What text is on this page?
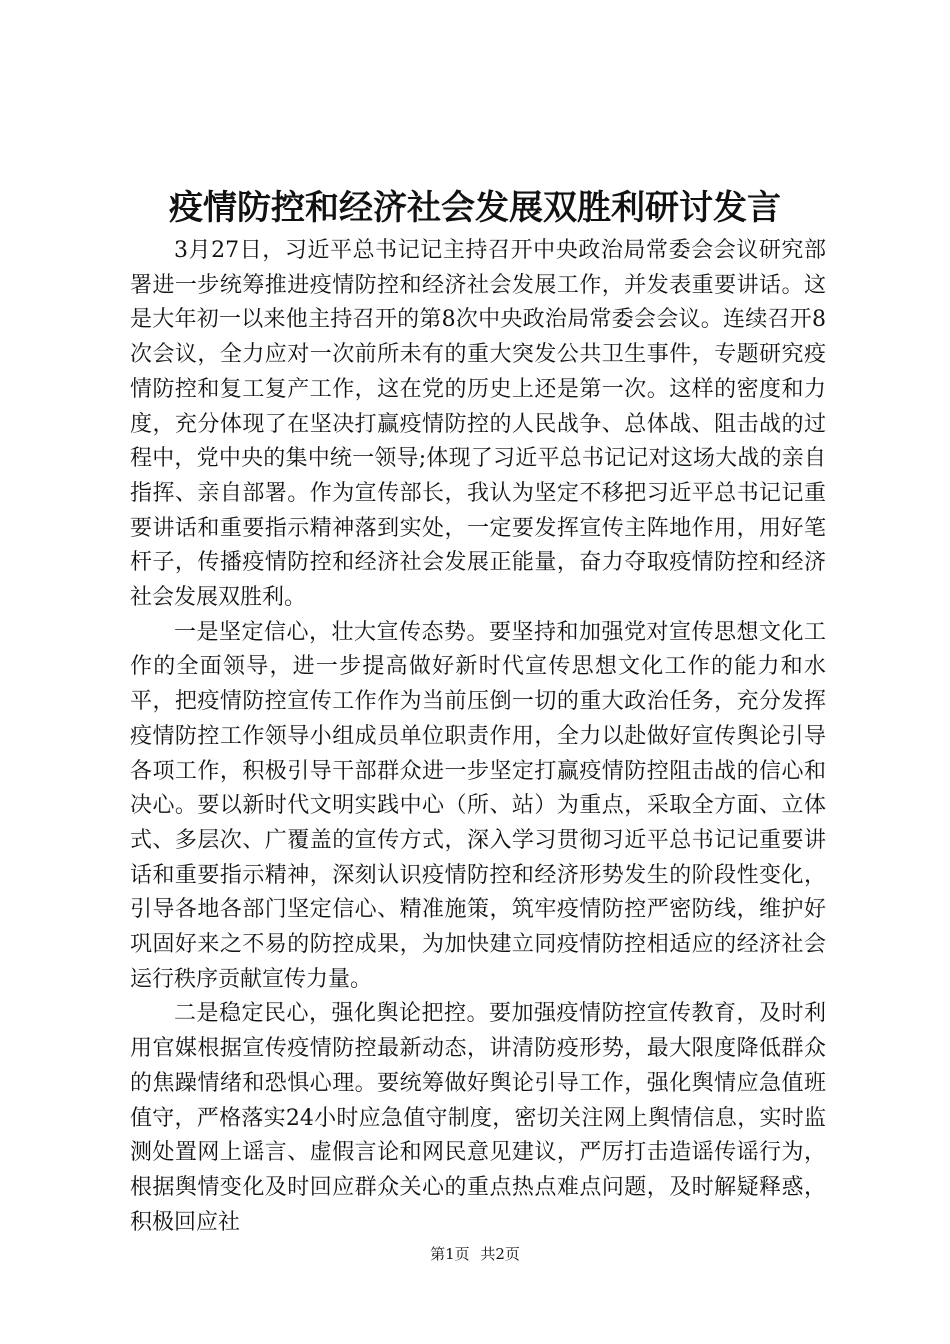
疫情防控和经济社会发展双胜利研讨发言

3月27日，习近平总书记记主持召开中央政治局常委会会议研究部署进一步统筹推进疫情防控和经济社会发展工作，并发表重要讲话。这是大年初一以来他主持召开的第8次中央政治局常委会会议。连续召开8次会议，全力应对一次前所未有的重大突发公共卫生事件，专题研究疫情防控和复工复产工作，这在党的历史上还是第一次。这样的密度和力度，充分体现了在坚决打赢疫情防控的人民战争、总体战、阻击战的过程中，党中央的集中统一领导;体现了习近平总书记记对这场大战的亲自指挥、亲自部署。作为宣传部长，我认为坚定不移把习近平总书记记重要讲话和重要指示精神落到实处，一定要发挥宣传主阵地作用，用好笔杆子，传播疫情防控和经济社会发展正能量，奋力夺取疫情防控和经济社会发展双胜利。

一是坚定信心，壮大宣传态势。要坚持和加强党对宣传思想文化工作的全面领导，进一步提高做好新时代宣传思想文化工作的能力和水平，把疫情防控宣传工作作为当前压倒一切的重大政治任务，充分发挥疫情防控工作领导小组成员单位职责作用，全力以赴做好宣传舆论引导各项工作，积极引导干部群众进一步坚定打赢疫情防控阻击战的信心和决心。要以新时代文明实践中心（所、站）为重点，采取全方面、立体式、多层次、广覆盖的宣传方式，深入学习贯彻习近平总书记记重要讲话和重要指示精神，深刻认识疫情防控和经济形势发生的阶段性变化，引导各地各部门坚定信心、精准施策，筑牢疫情防控严密防线，维护好巩固好来之不易的防控成果，为加快建立同疫情防控相适应的经济社会运行秩序贡献宣传力量。

二是稳定民心，强化舆论把控。要加强疫情防控宣传教育，及时利用官媒根据宣传疫情防控最新动态，讲清防疫形势，最大限度降低群众的焦躁情绪和恐惧心理。要统筹做好舆论引导工作，强化舆情应急值班值守，严格落实24小时应急值守制度，密切关注网上舆情信息，实时监测处置网上谣言、虚假言论和网民意见建议，严厉打击造谣传谣行为，根据舆情变化及时回应群众关心的重点热点难点问题，及时解疑释惑，积极回应社

第1页 共2页
